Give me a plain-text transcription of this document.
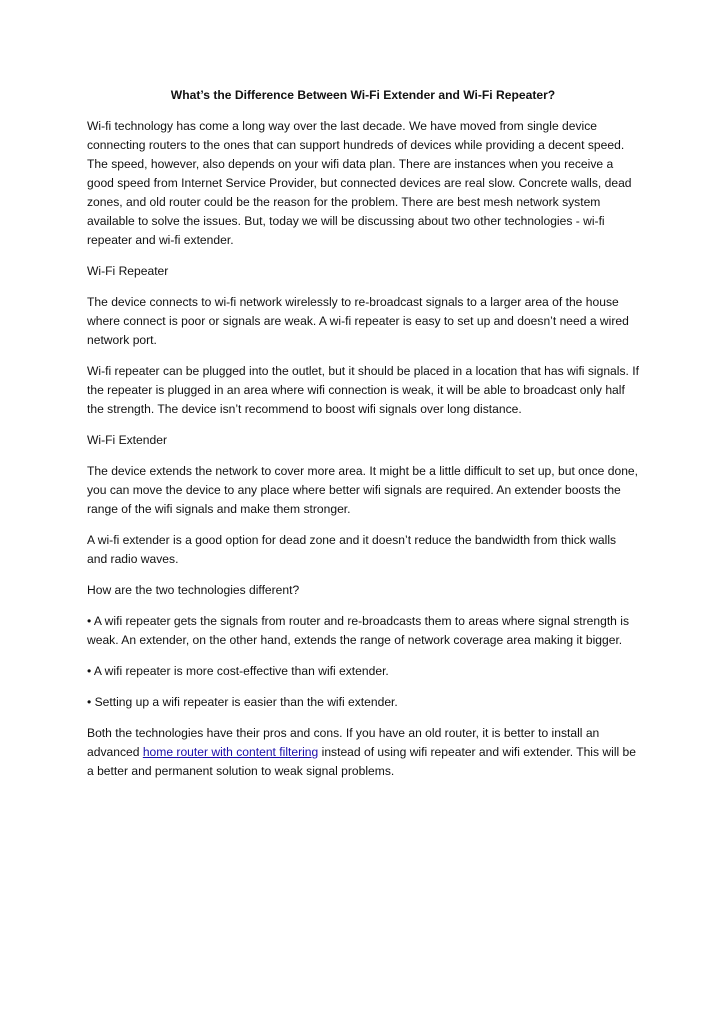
What’s the Difference Between Wi-Fi Extender and Wi-Fi Repeater?

Wi-fi technology has come a long way over the last decade. We have moved from single device connecting routers to the ones that can support hundreds of devices while providing a decent speed. The speed, however, also depends on your wifi data plan. There are instances when you receive a good speed from Internet Service Provider, but connected devices are real slow. Concrete walls, dead zones, and old router could be the reason for the problem. There are best mesh network system available to solve the issues. But, today we will be discussing about two other technologies - wi-fi repeater and wi-fi extender.

Wi-Fi Repeater

The device connects to wi-fi network wirelessly to re-broadcast signals to a larger area of the house where connect is poor or signals are weak. A wi-fi repeater is easy to set up and doesn’t need a wired network port.

Wi-fi repeater can be plugged into the outlet, but it should be placed in a location that has wifi signals. If the repeater is plugged in an area where wifi connection is weak, it will be able to broadcast only half the strength. The device isn’t recommend to boost wifi signals over long distance.

Wi-Fi Extender

The device extends the network to cover more area. It might be a little difficult to set up, but once done, you can move the device to any place where better wifi signals are required. An extender boosts the range of the wifi signals and make them stronger.

A wi-fi extender is a good option for dead zone and it doesn’t reduce the bandwidth from thick walls and radio waves.

How are the two technologies different?

• A wifi repeater gets the signals from router and re-broadcasts them to areas where signal strength is weak. An extender, on the other hand, extends the range of network coverage area making it bigger.

• A wifi repeater is more cost-effective than wifi extender.

• Setting up a wifi repeater is easier than the wifi extender.

Both the technologies have their pros and cons. If you have an old router, it is better to install an advanced home router with content filtering instead of using wifi repeater and wifi extender. This will be a better and permanent solution to weak signal problems.
